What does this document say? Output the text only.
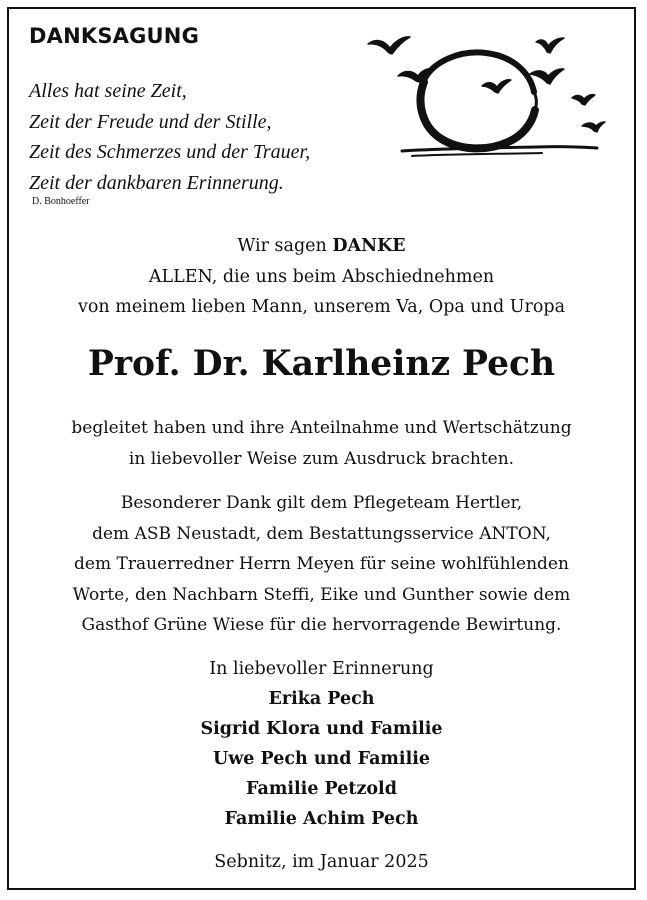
DANKSAGUNG
Alles hat seine Zeit,
Zeit der Freude und der Stille,
Zeit des Schmerzes und der Trauer,
Zeit der dankbaren Erinnerung.
D. Bonhoeffer
Wir sagen DANKE
ALLEN, die uns beim Abschiednehmen
von meinem lieben Mann, unserem Va, Opa und Uropa
Prof. Dr. Karlheinz Pech
begleitet haben und ihre Anteilnahme und Wertschätzung
in liebevoller Weise zum Ausdruck brachten.
Besonderer Dank gilt dem Pflegeteam Hertler,
dem ASB Neustadt, dem Bestattungsservice ANTON,
dem Trauerredner Herrn Meyen für seine wohlfühlenden
Worte, den Nachbarn Steffi, Eike und Gunther sowie dem
Gasthof Grüne Wiese für die hervorragende Bewirtung.
In liebevoller Erinnerung
Erika Pech
Sigrid Klora und Familie
Uwe Pech und Familie
Familie Petzold
Familie Achim Pech
Sebnitz, im Januar 2025
